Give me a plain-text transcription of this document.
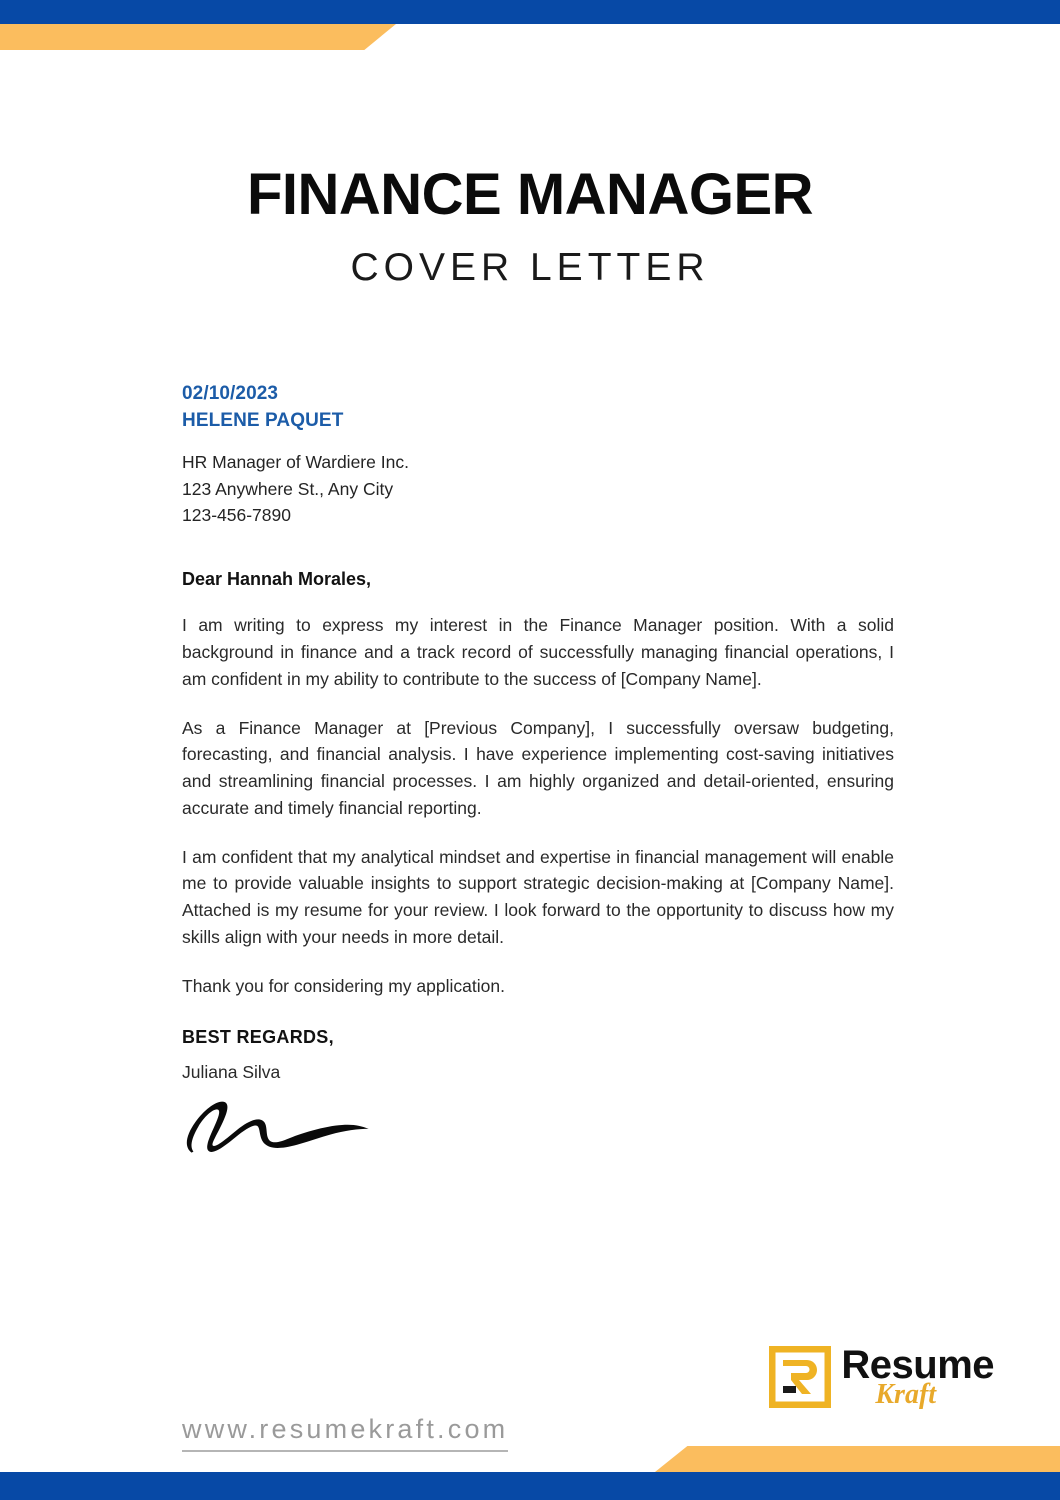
FINANCE MANAGER
COVER LETTER
02/10/2023
HELENE PAQUET
HR Manager of Wardiere Inc.
123 Anywhere St., Any City
123-456-7890
Dear Hannah Morales,

I am writing to express my interest in the Finance Manager position. With a solid background in finance and a track record of successfully managing financial operations, I am confident in my ability to contribute to the success of [Company Name].

As a Finance Manager at [Previous Company], I successfully oversaw budgeting, forecasting, and financial analysis. I have experience implementing cost-saving initiatives and streamlining financial processes. I am highly organized and detail-oriented, ensuring accurate and timely financial reporting.

I am confident that my analytical mindset and expertise in financial management will enable me to provide valuable insights to support strategic decision-making at [Company Name]. Attached is my resume for your review. I look forward to the opportunity to discuss how my skills align with your needs in more detail.

Thank you for considering my application.

BEST REGARDS,
Juliana Silva
www.resumekraft.com
Resume
Kraft
